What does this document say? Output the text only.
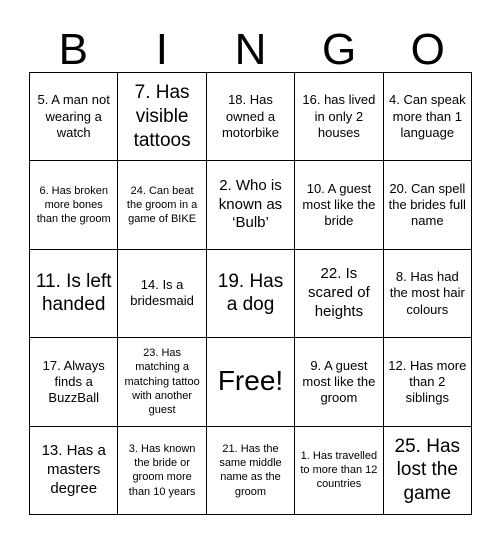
B	I	N	G	O
5. A man not wearing a watch
7. Has visible tattoos
18. Has owned a motorbike
16. has lived in only 2 houses
4. Can speak more than 1 language
6. Has broken more bones than the groom
24. Can beat the groom in a game of BIKE
2. Who is known as ‘Bulb’
10. A guest most like the bride
20. Can spell the brides full name
11. Is left handed
14. Is a bridesmaid
19. Has a dog
22. Is scared of heights
8. Has had the most hair colours
17. Always finds a BuzzBall
23. Has matching a matching tattoo with another guest
Free!
9. A guest most like the groom
12. Has more than 2 siblings
13. Has a masters degree
3. Has known the bride or groom more than 10 years
21. Has the same middle name as the groom
1. Has travelled to more than 12 countries
25. Has lost the game
